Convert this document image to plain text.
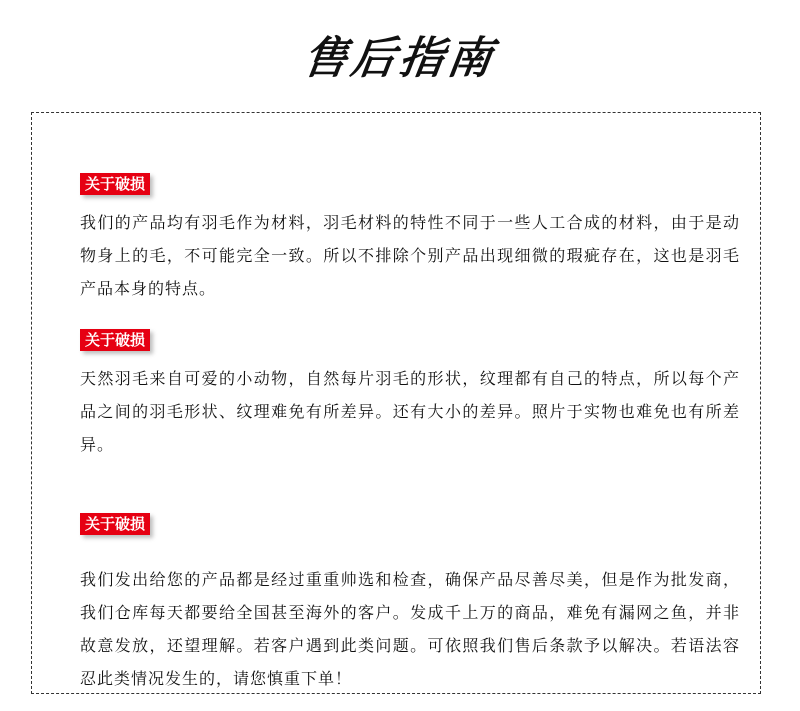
售后指南
关于破损
我们的产品均有羽毛作为材料，羽毛材料的特性不同于一些人工合成的材料，由于是动物身上的毛，不可能完全一致。所以不排除个别产品出现细微的瑕疵存在，这也是羽毛产品本身的特点。
关于破损
天然羽毛来自可爱的小动物，自然每片羽毛的形状，纹理都有自己的特点，所以每个产品之间的羽毛形状、纹理难免有所差异。还有大小的差异。照片于实物也难免也有所差异。
关于破损
我们发出给您的产品都是经过重重帅选和检查，确保产品尽善尽美，但是作为批发商，我们仓库每天都要给全国甚至海外的客户。发成千上万的商品，难免有漏网之鱼，并非故意发放，还望理解。若客户遇到此类问题。可依照我们售后条款予以解决。若语法容忍此类情况发生的，请您慎重下单！
